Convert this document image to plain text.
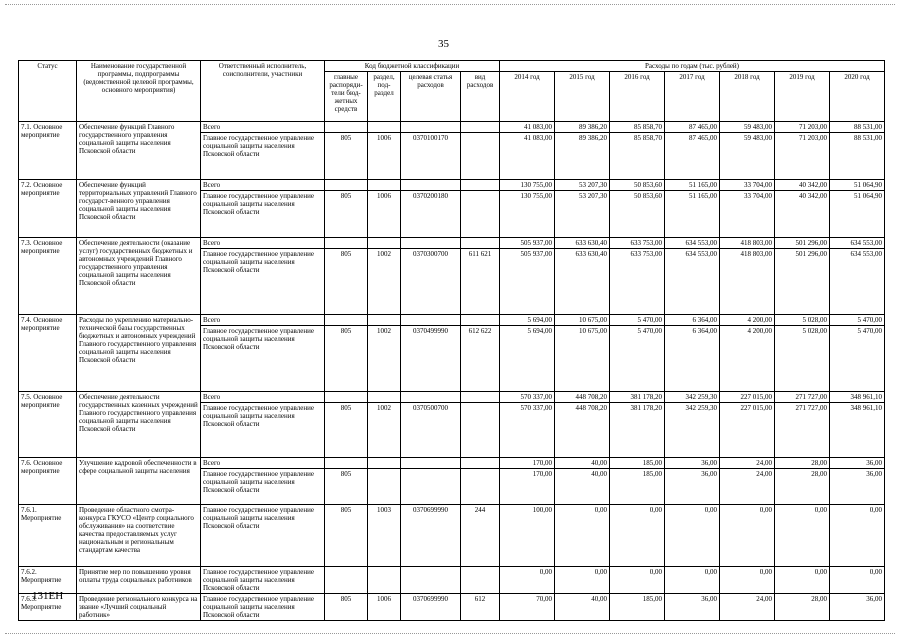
35
Статус	Наименование государственной программы, подпрограммы (ведомственной целевой программы, основного мероприятия)	Ответственный исполнитель, соисполнители, участники	Код бюджетной классификации				Расходы по годам (тыс. рублей)						
			главные распоряди- тели бюд- жетных средств	раздел, под- раздел	целевая статья расходов	вид расходов	2014 год	2015 год	2016 год	2017 год	2018 год	2019 год	2020 год
7.1. Основное мероприятие	Обеспечение функций Главного государственного управления социальной защиты населения Псковской области	Всего					41 083,00	89 386,20	85 858,70	87 465,00	59 483,00	71 203,00	88 531,00
		Главное государственное управление социальной защиты населения Псковской области	805	1006	0370100170		41 083,00	89 386,20	85 858,70	87 465,00	59 483,00	71 203,00	88 531,00
7.2. Основное мероприятие	Обеспечение функций территориальных управлений Главного государст-венного управления социальной защиты населения Псковской области	Всего					130 755,00	53 207,30	50 853,60	51 165,00	33 704,00	40 342,00	51 064,90
		Главное государственное управление социальной защиты населения Псковской области	805	1006	0370200180		130 755,00	53 207,30	50 853,60	51 165,00	33 704,00	40 342,00	51 064,90
7.3. Основное мероприятие	Обеспечение деятельности (оказание услуг) государственных бюджетных и автономных учреждений Главного государственного управления социальной защиты населения Псковской области	Всего					505 937,00	633 630,40	633 753,00	634 553,00	418 803,00	501 296,00	634 553,00
		Главное государственное управление социальной защиты населения Псковской области	805	1002	0370300700	611 621	505 937,00	633 630,40	633 753,00	634 553,00	418 803,00	501 296,00	634 553,00
7.4. Основное мероприятие	Расходы по укреплению материально-технической базы государственных бюджетных и автономных учреждений Главного государственного управления социальной защиты населения Псковской области	Всего					5 694,00	10 675,00	5 470,00	6 364,00	4 200,00	5 028,00	5 470,00
		Главное государственное управление социальной защиты населения Псковской области	805	1002	0370499990	612 622	5 694,00	10 675,00	5 470,00	6 364,00	4 200,00	5 028,00	5 470,00
7.5. Основное мероприятие	Обеспечение деятельности государственных казенных учреждений Главного государственного управления социальной защиты населения Псковской области	Всего					570 337,00	448 708,20	381 178,20	342 259,30	227 015,00	271 727,00	348 961,10
		Главное государственное управление социальной защиты населения Псковской области	805	1002	0370500700		570 337,00	448 708,20	381 178,20	342 259,30	227 015,00	271 727,00	348 961,10
7.6. Основное мероприятие	Улучшение кадровой обеспеченности в сфере социальной защиты населения	Всего					170,00	40,00	185,00	36,00	24,00	28,00	36,00
		Главное государственное управление социальной защиты населения Псковской области	805				170,00	40,00	185,00	36,00	24,00	28,00	36,00
7.6.1. Мероприятие	Проведение областного смотра-конкурса ГКУСО «Центр социального обслуживания» на соответствие качества предоставляемых услуг национальным и региональным стандартам качества	Главное государственное управление социальной защиты населения Псковской области	805	1003	0370699990	244	100,00	0,00	0,00	0,00	0,00	0,00	0,00
7.6.2. Мероприятие	Принятие мер по повышению уровня оплаты труда социальных работников	Главное государственное управление социальной защиты населения Псковской области					0,00	0,00	0,00	0,00	0,00	0,00	0,00
7.6.3. Мероприятие	Проведение регионального конкурса на звание «Лучший социальный работник»	Главное государственное управление социальной защиты населения Псковской области	805	1006	0370699990	612	70,00	40,00	185,00	36,00	24,00	28,00	36,00
131ЕН
